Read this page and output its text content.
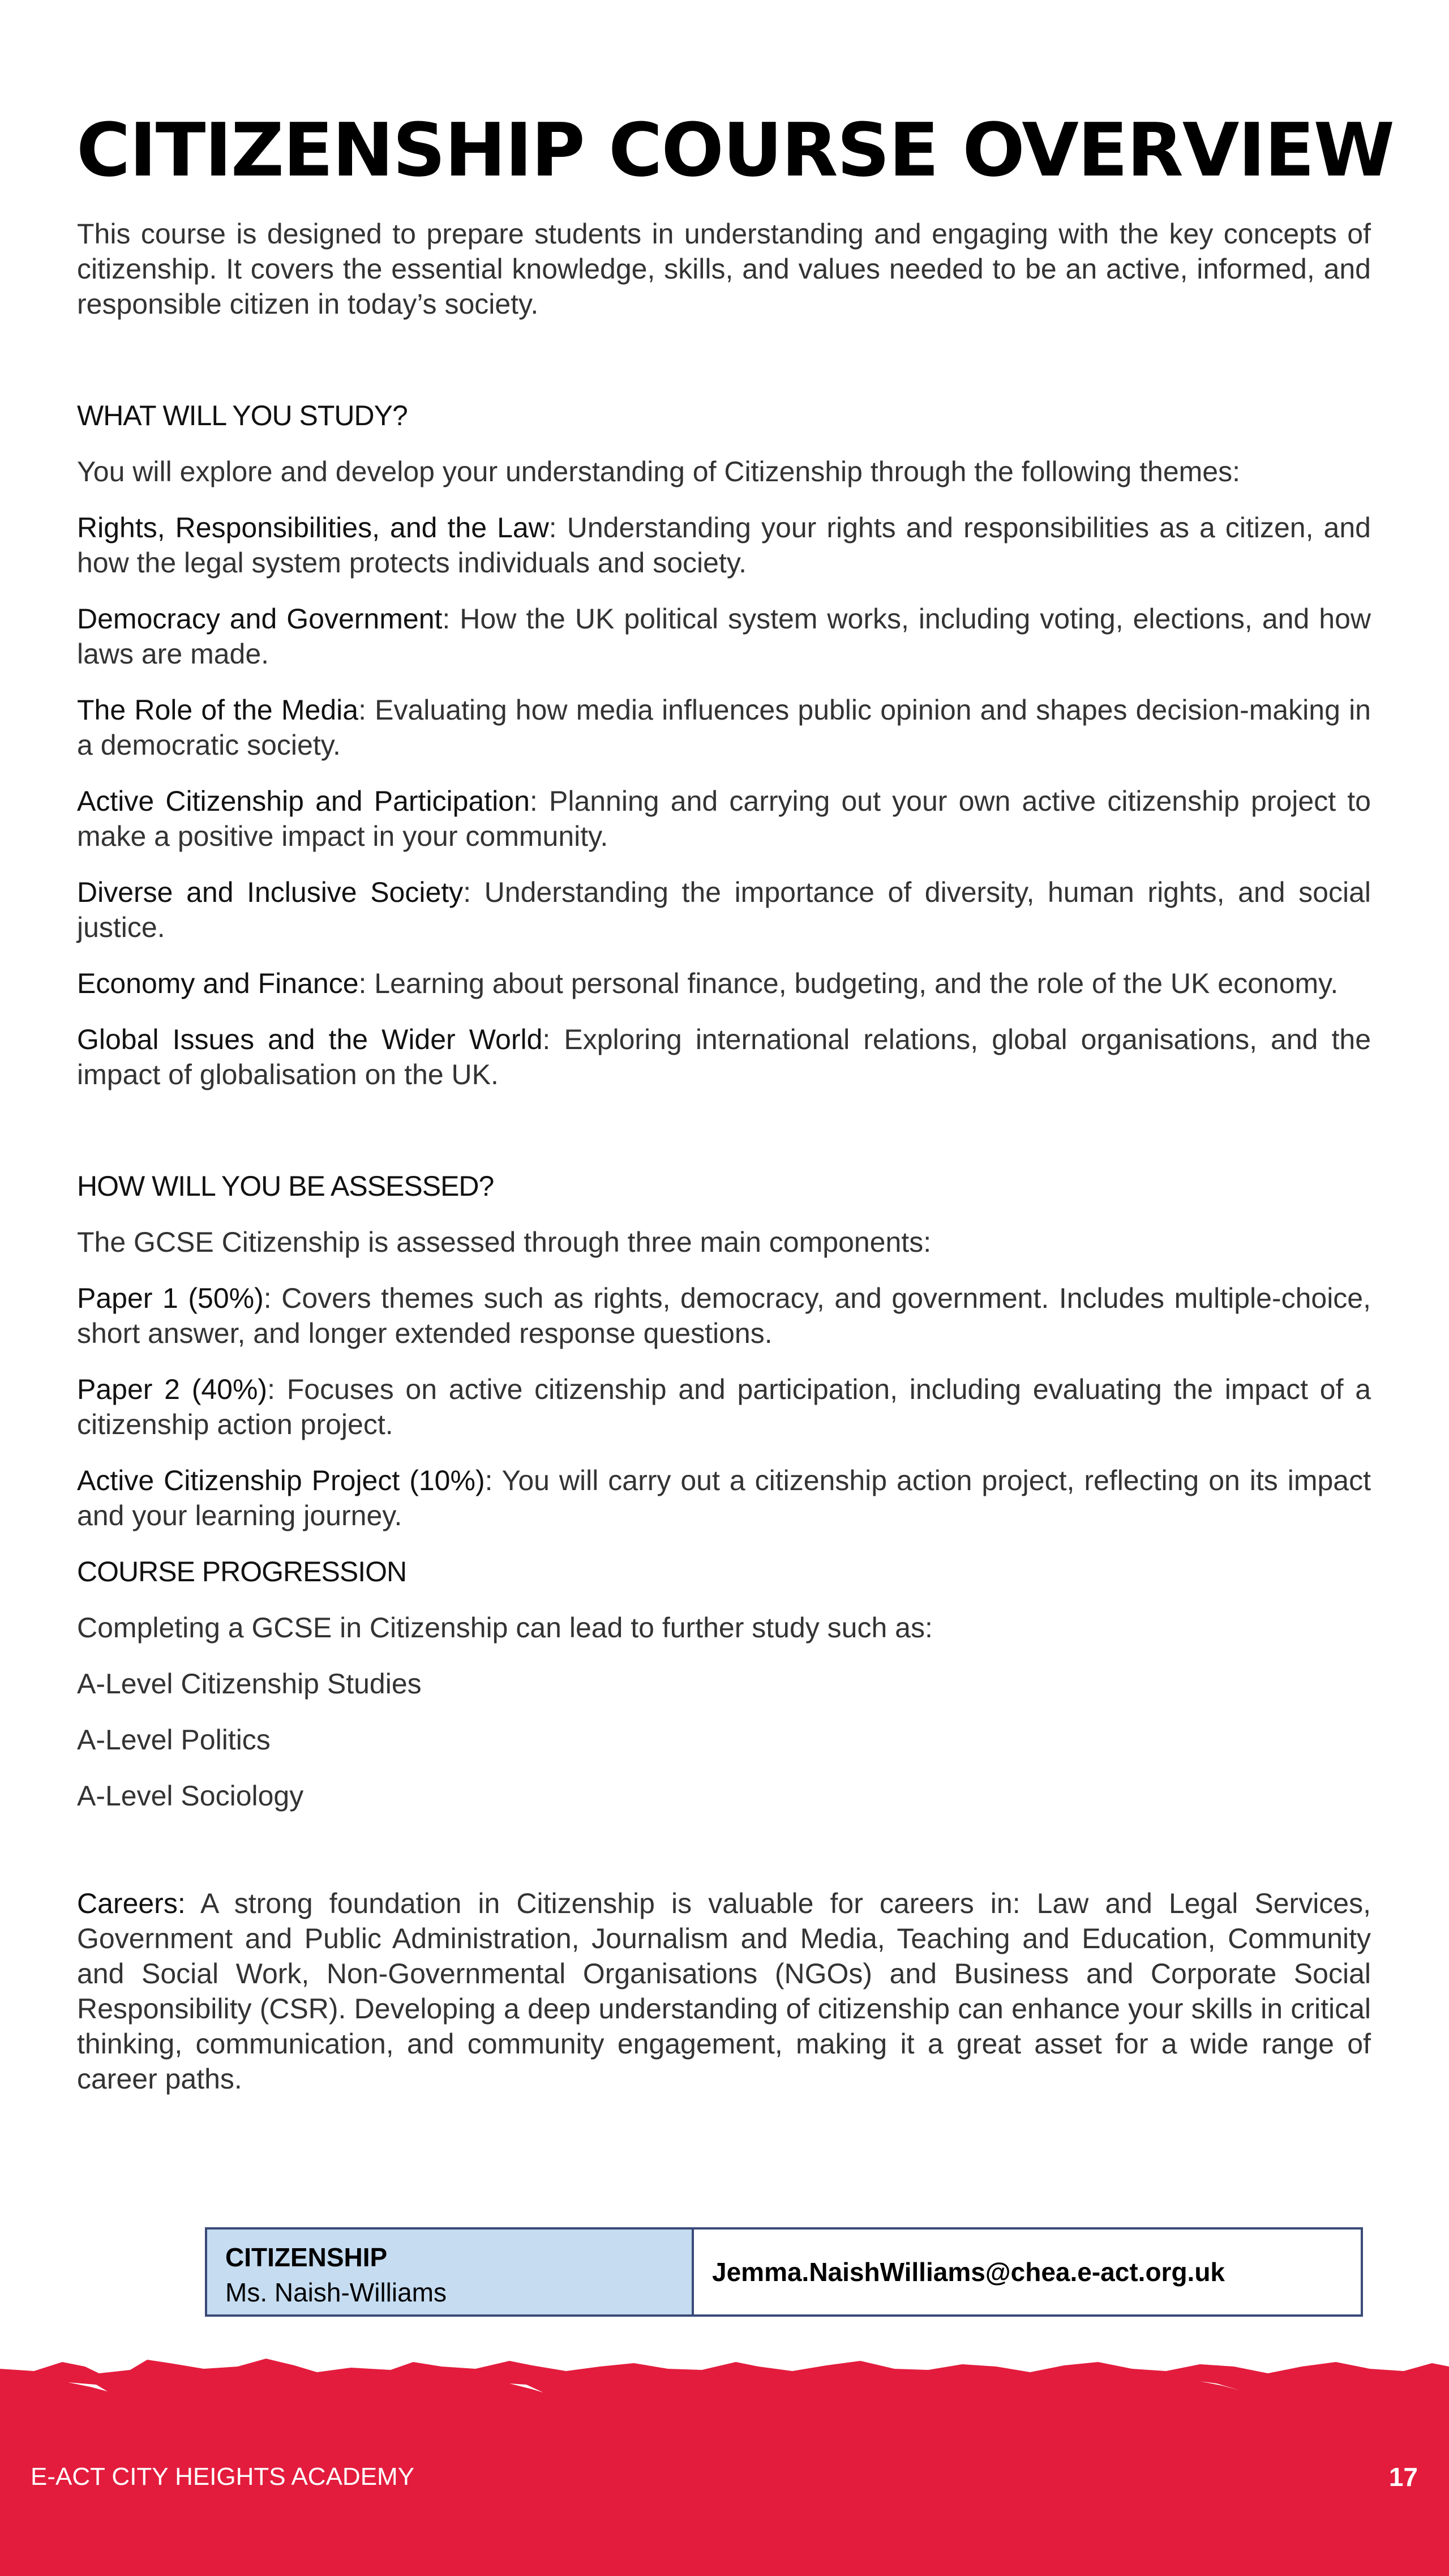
CITIZENSHIP COURSE OVERVIEW

This course is designed to prepare students in understanding and engaging with the key concepts of citizenship. It covers the essential knowledge, skills, and values needed to be an active, informed, and responsible citizen in today’s society.

WHAT WILL YOU STUDY?

You will explore and develop your understanding of Citizenship through the following themes:

Rights, Responsibilities, and the Law: Understanding your rights and responsibilities as a citizen, and how the legal system protects individuals and society.

Democracy and Government: How the UK political system works, including voting, elections, and how laws are made.

The Role of the Media: Evaluating how media influences public opinion and shapes decision-making in a democratic society.

Active Citizenship and Participation: Planning and carrying out your own active citizenship project to make a positive impact in your community.

Diverse and Inclusive Society: Understanding the importance of diversity, human rights, and social justice.

Economy and Finance: Learning about personal finance, budgeting, and the role of the UK economy.

Global Issues and the Wider World: Exploring international relations, global organisations, and the impact of globalisation on the UK.

HOW WILL YOU BE ASSESSED?

The GCSE Citizenship is assessed through three main components:

Paper 1 (50%): Covers themes such as rights, democracy, and government. Includes multiple-choice, short answer, and longer extended response questions.

Paper 2 (40%): Focuses on active citizenship and participation, including evaluating the impact of a citizenship action project.

Active Citizenship Project (10%): You will carry out a citizenship action project, reflecting on its impact and your learning journey.

COURSE PROGRESSION

Completing a GCSE in Citizenship can lead to further study such as:

A-Level Citizenship Studies

A-Level Politics

A-Level Sociology

Careers: A strong foundation in Citizenship is valuable for careers in: Law and Legal Services, Government and Public Administration, Journalism and Media, Teaching and Education, Community and Social Work, Non-Governmental Organisations (NGOs) and Business and Corporate Social Responsibility (CSR). Developing a deep understanding of citizenship can enhance your skills in critical thinking, communication, and community engagement, making it a great asset for a wide range of career paths.

CITIZENSHIP
Ms. Naish-Williams
Jemma.NaishWilliams@chea.e-act.org.uk
E-ACT CITY HEIGHTS ACADEMY	17
